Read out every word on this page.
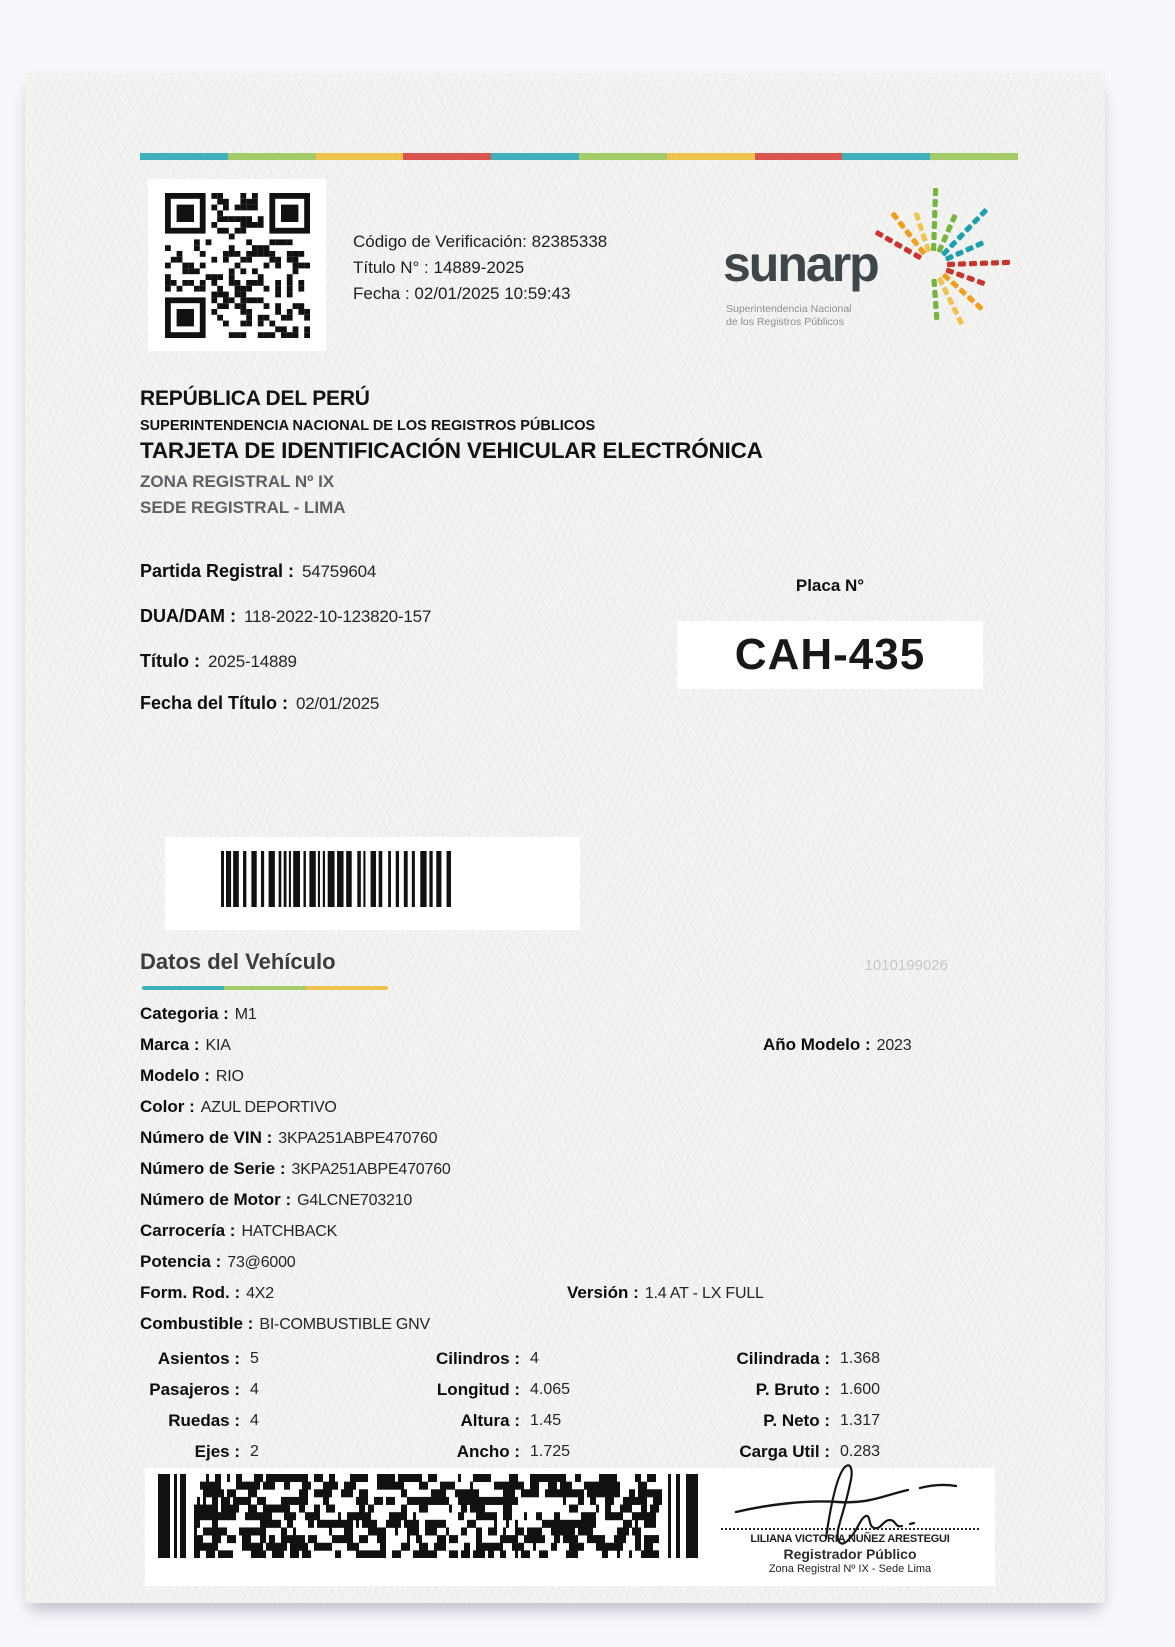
Código de Verificación: 82385338
Título N° : 14889-2025
Fecha : 02/01/2025 10:59:43
sunarp
Superintendencia Nacional
de los Registros Públicos
REPÚBLICA DEL PERÚ
SUPERINTENDENCIA NACIONAL DE LOS REGISTROS PÚBLICOS
TARJETA DE IDENTIFICACIÓN VEHICULAR ELECTRÓNICA
ZONA REGISTRAL Nº IX
SEDE REGISTRAL - LIMA
Partida Registral : 54759604
DUA/DAM : 118-2022-10-123820-157
Título : 2025-14889
Fecha del Título : 02/01/2025
Placa N°
CAH-435
Datos del Vehículo	1010199026
Categoria : M1
Marca : KIA	Año Modelo : 2023
Modelo : RIO
Color : AZUL DEPORTIVO
Número de VIN : 3KPA251ABPE470760
Número de Serie : 3KPA251ABPE470760
Número de Motor : G4LCNE703210
Carrocería : HATCHBACK
Potencia : 73@6000
Form. Rod. : 4X2	Versión : 1.4 AT - LX FULL
Combustible : BI-COMBUSTIBLE GNV
Asientos : 5	Cilindros : 4	Cilindrada : 1.368
Pasajeros : 4	Longitud : 4.065	P. Bruto : 1.600
Ruedas : 4	Altura : 1.45	P. Neto : 1.317
Ejes : 2	Ancho : 1.725	Carga Util : 0.283
LILIANA VICTORIA NUÑEZ ARESTEGUI
Registrador Público
Zona Registral Nº IX - Sede Lima
